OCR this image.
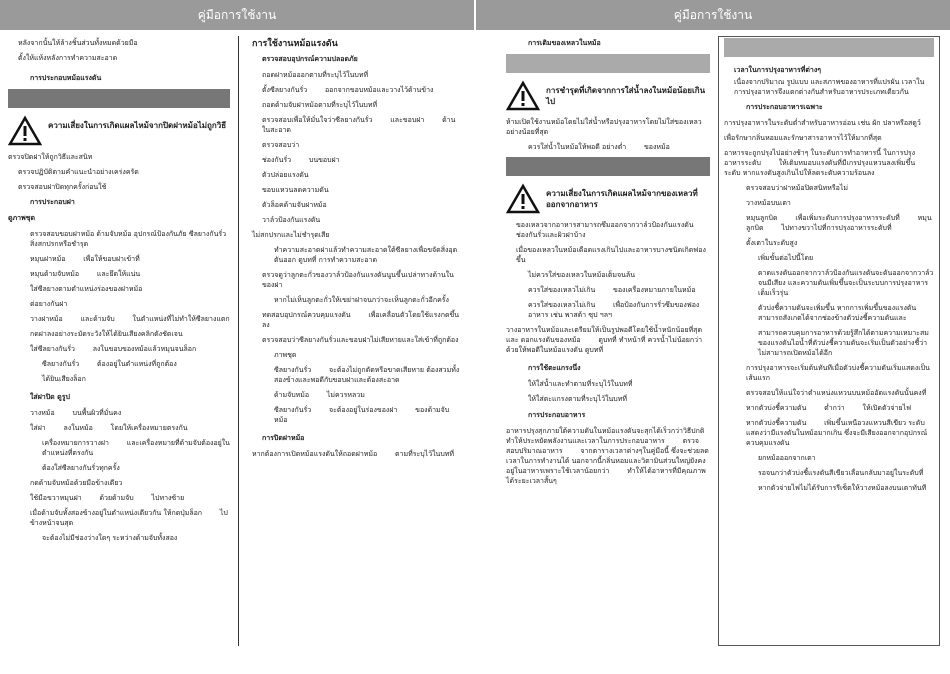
คู่มือการใช้งาน	คู่มือการใช้งาน

หลังจากนั้นให้ล้างชิ้นส่วนทั้งหมดด้วยมือ

ตั้งให้แห้งหลังการทำความสะอาด

การประกอบหม้อแรงดัน

ความเสี่ยงในการเกิดแผลไหม้จากปิดฝาหม้อไม่ถูกวิธี

ตรวจปิดฝาให้ถูกวิธีและสนิท

ตรวจปฏิบัติตามคำแนะนำอย่างเคร่งครัด

ตรวจสอบฝาปิดทุกครั้งก่อนใช้

การประกอบฝา

ดูภาพชุด

ตรวจสอบขอบฝาหม้อ ด้ามจับหม้อ อุปกรณ์ป้องกันภัย ซีลยางกันรั่ว สิ่งสกปรกหรือชำรุด

หมุนฝาหม้อ        เพื่อให้ขอบฝาเข้าที่

หมุนด้ามจับหม้อ        และยึดให้แน่น

ใส่ซีลยางตามตำแหน่งร่องของฝาหม้อ

ต่อยางกันฝา

วางฝาหม้อ        และด้ามจับ        ในตำแหน่งที่ไม่ทำให้ซีลยางแตก

กดฝาลงอย่างระมัดระวังให้ได้ยินเสียงคลิกดังชัดเจน

ใส่ซีลยางกันรั่ว        ลงในขอบของหม้อแล้วหมุนจนล็อก

ซีลยางกันรั่ว        ต้องอยู่ในตำแหน่งที่ถูกต้อง

ได้ยินเสียงล็อก

ใส่ฝาปิด ดูรูป

วางหม้อ        บนพื้นผิวที่มั่นคง

ใส่ฝา        ลงในหม้อ        โดยให้เครื่องหมายตรงกัน

เครื่องหมายการวางฝา        และเครื่องหมายที่ด้ามจับต้องอยู่ในตำแหน่งที่ตรงกัน

ต้องใส่ซีลยางกันรั่วทุกครั้ง

กดด้ามจับหม้อด้วยมือข้างเดียว

ใช้มือขวาหมุนฝา        ด้วยด้ามจับ        ไปทางซ้าย

เมื่อด้ามจับทั้งสองข้างอยู่ในตำแหน่งเดียวกัน ให้กดปุ่มล็อก        ไปข้างหน้าจนสุด

จะต้องไม่มีช่องว่างใดๆ ระหว่างด้ามจับทั้งสอง

การใช้งานหม้อแรงดัน

ตรวจสอบอุปกรณ์ความปลอดภัย

ถอดฝาหม้อออกตามที่ระบุไว้ในบทที่

ตั้งซีลยางกันรั่ว        ออกจากขอบหม้อและวางไว้ด้านข้าง

ถอดด้ามจับฝาหม้อตามที่ระบุไว้ในบทที่

ตรวจสอบเพื่อให้มั่นใจว่าซีลยางกันรั่ว        และขอบฝา        ด้านในสะอาด

ตรวจสอบว่า

ช่องกันรั่ว        บนขอบฝา

ตัวปล่อยแรงดัน

ขอบแหวนลดความดัน

ตัวล็อคด้ามจับฝาหม้อ

วาล์วป้องกันแรงดัน

ไม่สกปรกและไม่ชำรุดเสีย

ทำความสะอาดฝาแล้วทำความสะอาดใต้ซีลยางเพื่อขจัดสิ่งอุดตันออก ดูบทที่ การทำความสะอาด

ตรวจดูว่าลูกตะกั่วของวาล์วป้องกันแรงดันนูนขึ้นเปล่าทางด้านในของฝา

หากไม่เห็นลูกตะกั่วให้เขย่าฝาจนกว่าจะเห็นลูกตะกั่วอีกครั้ง

ทดสอบอุปกรณ์ควบคุมแรงดัน        เพื่อเคลื่อนตัวโดยใช้แรงกดขึ้นลง

ตรวจสอบว่าซีลยางกันรั่วและขอบฝาไม่เสียหายและใส่เข้าที่ถูกต้อง

ภาพชุด

ซีลยางกันรั่ว        จะต้องไม่ถูกตัดหรือขาดเสียหาย ต้องสวมทั้งสองข้างและพอดีกับขอบฝาและต้องสะอาด

ด้ามจับหม้อ        ไม่ควรหลวม

ซีลยางกันรั่ว        จะต้องอยู่ในร่องของฝา        ของด้ามจับหม้อ

การปิดฝาหม้อ

หากต้องการเปิดหม้อแรงดันให้ถอดฝาหม้อ        ตามที่ระบุไว้ในบทที่

การเติมของเหลวในหม้อ

การชำรุดที่เกิดจากการใส่น้ำลงในหม้อน้อยเกินไป

ห้ามเปิดใช้งานหม้อโดยไม่ใส่น้ำหรือปรุงอาหารโดยไม่ใส่ของเหลวอย่างน้อยที่สุด

ควรใส่น้ำในหม้อให้พอดี อย่างต่ำ        ของหม้อ

ความเสี่ยงในการเกิดแผลไหม้จากของเหลวที่ออกจากอาหาร

ของเหลวจากอาหารสามารถซึมออกจากวาล์วป้องกันแรงดัน        ช่องกันรั่วและผิวฝาบ้าง

เมื่อของเหลวในหม้อเดือดแรงเกินไปและอาหารบางชนิดเกิดฟองขึ้น

ไม่ควรใส่ของเหลวในหม้อเต็มจนล้น

ควรใส่ของเหลวไม่เกิน        ของเครื่องหมายภายในหม้อ

ควรใส่ของเหลวไม่เกิน        เพื่อป้องกันการรั่วซึมของฟองอาหาร เช่น พาสต้า ซุป ฯลฯ

วางอาหารในหม้อและเตรียมให้เป็นรูปพอดีโดยใช้น้ำหนักน้อยที่สุด        และ ดอกแรงดันของหม้อ        ดูบทที่ ทำหน้าที่ ควรน้ำไม่น้อยกว่า        ด้วยให้พอดีในหม้อแรงดัน ดูบทที่

การใช้ตะแกรงนึ่ง

ให้ใส่น้ำและทำตามที่ระบุไว้ในบทที่

ให้ใส่ตะแกรงตามที่ระบุไว้ในบทที่

การประกอบอาหาร

อาหารปรุงสุกภายใต้ความดันในหม้อแรงดันจะสุกได้เร็วกว่าวิธีปกติ ทำให้ประหยัดพลังงานและเวลาในการประกอบอาหาร        ตรวจสอบปริมาณอาหาร        จากตารางเวลาต่างๆในคู่มือนี้ ซึ่งจะช่วยลดเวลาในการทำงานได้ นอกจากนี้กลิ่นหอมและวิตามินส่วนใหญ่ยังคงอยู่ในอาหารเพราะใช้เวลาน้อยกว่า        ทำให้ได้อาหารที่มีคุณภาพได้ระยะเวลาสั้นๆ

เวลาในการปรุงอาหารที่ต่างๆ

เนื่องจากปริมาณ รูปแบบ และสภาพของอาหารที่แปรผัน เวลาในการปรุงอาหารจึงแตกต่างกันสำหรับอาหารประเภทเดียวกัน

การประกอบอาหารเฉพาะ

การปรุงอาหารในระดับต่ำสำหรับอาหารอ่อน เช่น ผัก ปลาหรือสตูว์

เพื่อรักษากลิ่นหอมและรักษาสารอาหารไว้ให้มากที่สุด

อาหารจะถูกปรุงไปอย่างช้าๆ ในระดับการทำอาหารนี้ ในการปรุงอาหารระดับ        ให้เติมหมอบแรงดันที่มีเกรปรุงแหวนลงเพิ่มขึ้น        ระดับ หากแรงดันสูงเกินไปให้ลดระดับความร้อนลง

ตรวจสอบว่าฝาหม้อปิดสนิทหรือไม่

วางหม้อบนเตา

หมุนลูกบิด        เพื่อเพิ่มระดับการปรุงอาหารระดับที่        หมุนลูกบิด        ไปทางขวาไปที่การปรุงอาหารระดับที่

ตั้งเตาในระดับสูง

เพิ่มขั้นต่อไปนี้โดย

ดาดแรงดันออกจากวาล์วป้องกันแรงดันจะดันออกจากวาล์วจนมีเสียง และความดันเพิ่มขึ้นจะเป็นระบบการปรุงอาหารเต็มเร็วรุ่น

ตัวบ่งชี้ความดันจะเพิ่มขึ้น หากการเพิ่มขึ้นของแรงดันสามารถสังเกตได้จากช่องข้างตัวบ่งชี้ความดันและ

สามารถควบคุมการอาหารด้วยรู้สึกได้ตามความเหมาะสมของแรงดันไอน้ำที่ตัวบ่งชี้ความดันจะเริ่มเป็นตัวอย่างชี้ว่าไม่สามารถเปิดหม้อได้อีก

การปรุงอาหารจะเริ่มต้นทันทีเมื่อตัวบ่งชี้ความดันเริ่มแสดงเป็นเส้นแรก

ตรวจสอบให้แน่ใจว่าตำแหน่งแหวนบนหม้ออัดแรงดันนั้นคงที่

หากตัวบ่งชี้ความดัน        ต่ำกว่า        ให้เปิดตัวจ่ายไฟ

หากตัวบ่งชี้ความดัน        เพิ่มขึ้นเหนือวงแหวนสีเขียว ระดับ แสดงว่ามีแรงดันในหม้อมากเกิน ซึ่งจะมีเสียงออกจากอุปกรณ์ควบคุมแรงดัน

ยกหม้อออกจากเตา

รอจนกว่าตัวบ่งชี้แรงดันสีเขียวเลื่อนกลับมาอยู่ในระดับที่

หากตัวจ่ายไฟไม่ได้รับการรีเซ็ตให้วางหม้อลงบนเตาทันที
